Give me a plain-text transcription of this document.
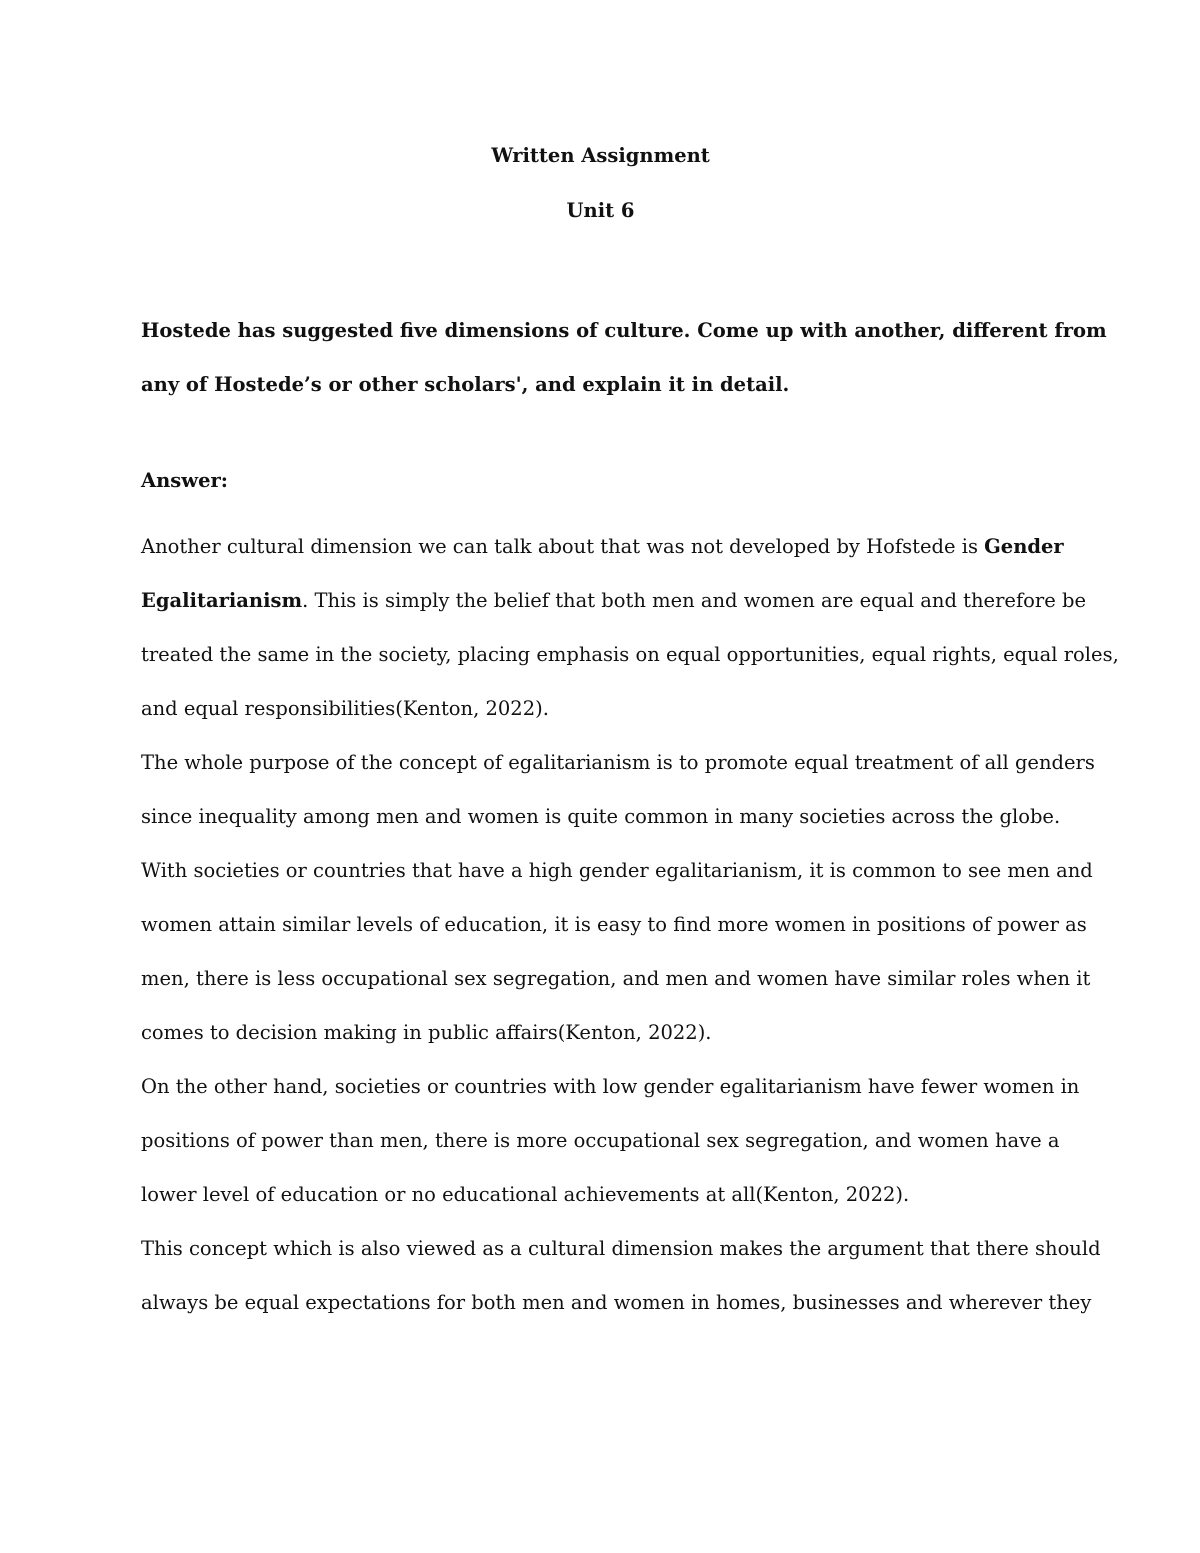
Written Assignment
Unit 6
Hostede has suggested five dimensions of culture. Come up with another, different from
any of Hostede’s or other scholars', and explain it in detail.
Answer:
Another cultural dimension we can talk about that was not developed by Hofstede is Gender
Egalitarianism. This is simply the belief that both men and women are equal and therefore be
treated the same in the society, placing emphasis on equal opportunities, equal rights, equal roles,
and equal responsibilities(Kenton, 2022).
The whole purpose of the concept of egalitarianism is to promote equal treatment of all genders
since inequality among men and women is quite common in many societies across the globe.
With societies or countries that have a high gender egalitarianism, it is common to see men and
women attain similar levels of education, it is easy to find more women in positions of power as
men, there is less occupational sex segregation, and men and women have similar roles when it
comes to decision making in public affairs(Kenton, 2022).
On the other hand, societies or countries with low gender egalitarianism have fewer women in
positions of power than men, there is more occupational sex segregation, and women have a
lower level of education or no educational achievements at all(Kenton, 2022).
This concept which is also viewed as a cultural dimension makes the argument that there should
always be equal expectations for both men and women in homes, businesses and wherever they
